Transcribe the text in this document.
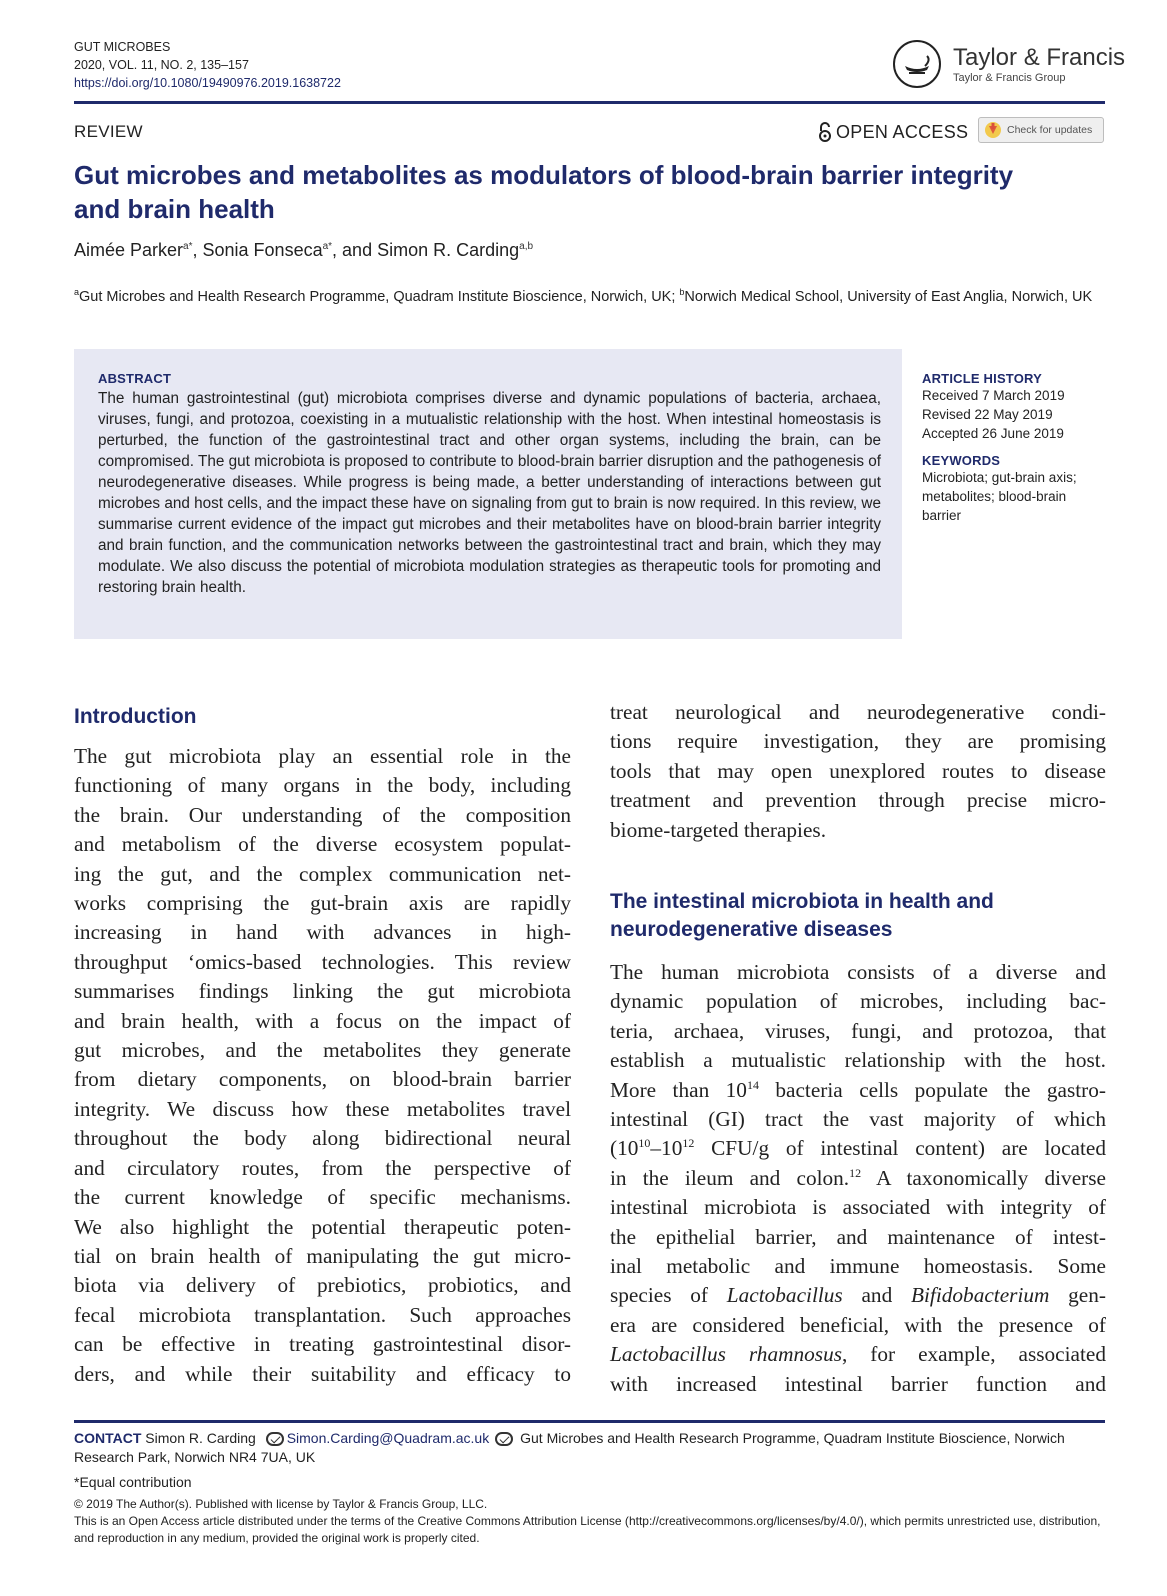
GUT MICROBES
2020, VOL. 11, NO. 2, 135–157
https://doi.org/10.1080/19490976.2019.1638722
Taylor & Francis
Taylor & Francis Group
REVIEW	OPEN ACCESS	Check for updates
Gut microbes and metabolites as modulators of blood-brain barrier integrity
and brain health
Aimée Parker$^{a*}$, Sonia Fonseca$^{a*}$, and Simon R. Carding$^{a,b}$
$^a$Gut Microbes and Health Research Programme, Quadram Institute Bioscience, Norwich, UK; $^b$Norwich Medical School, University of East Anglia, Norwich, UK
ABSTRACT
The human gastrointestinal (gut) microbiota comprises diverse and dynamic populations of bacteria, archaea, viruses, fungi, and protozoa, coexisting in a mutualistic relationship with the host. When intestinal homeostasis is perturbed, the function of the gastrointestinal tract and other organ systems, including the brain, can be compromised. The gut microbiota is proposed to contribute to blood-brain barrier disruption and the pathogenesis of neurodegenerative diseases. While progress is being made, a better understanding of interactions between gut microbes and host cells, and the impact these have on signaling from gut to brain is now required. In this review, we summarise current evidence of the impact gut microbes and their metabolites have on blood-brain barrier integrity and brain function, and the communication networks between the gastrointestinal tract and brain, which they may modulate. We also discuss the potential of microbiota modulation strategies as therapeutic tools for promoting and restoring brain health.
ARTICLE HISTORY
Received 7 March 2019
Revised 22 May 2019
Accepted 26 June 2019
KEYWORDS
Microbiota; gut-brain axis;
metabolites; blood-brain
barrier
Introduction
The gut microbiota play an essential role in the
functioning of many organs in the body, including
the brain. Our understanding of the composition
and metabolism of the diverse ecosystem populat-
ing the gut, and the complex communication net-
works comprising the gut-brain axis are rapidly
increasing in hand with advances in high-
throughput ‘omics-based technologies. This review
summarises findings linking the gut microbiota
and brain health, with a focus on the impact of
gut microbes, and the metabolites they generate
from dietary components, on blood-brain barrier
integrity. We discuss how these metabolites travel
throughout the body along bidirectional neural
and circulatory routes, from the perspective of
the current knowledge of specific mechanisms.
We also highlight the potential therapeutic poten-
tial on brain health of manipulating the gut micro-
biota via delivery of prebiotics, probiotics, and
fecal microbiota transplantation. Such approaches
can be effective in treating gastrointestinal disor-
ders, and while their suitability and efficacy to
treat neurological and neurodegenerative condi-
tions require investigation, they are promising
tools that may open unexplored routes to disease
treatment and prevention through precise micro-
biome-targeted therapies.
The intestinal microbiota in health and
neurodegenerative diseases
The human microbiota consists of a diverse and
dynamic population of microbes, including bac-
teria, archaea, viruses, fungi, and protozoa, that
establish a mutualistic relationship with the host.
More than $10^{14}$ bacteria cells populate the gastro-
intestinal (GI) tract the vast majority of which
($10^{10}-10^{12}$ CFU/g of intestinal content) are located
in the ileum and colon.$^{12}$ A taxonomically diverse
intestinal microbiota is associated with integrity of
the epithelial barrier, and maintenance of intest-
inal metabolic and immune homeostasis. Some
species of Lactobacillus and Bifidobacterium gen-
era are considered beneficial, with the presence of
Lactobacillus rhamnosus, for example, associated
with increased intestinal barrier function and
CONTACT Simon R. Carding Simon.Carding@Quadram.ac.uk Gut Microbes and Health Research Programme, Quadram Institute Bioscience, Norwich Research Park, Norwich NR4 7UA, UK
*Equal contribution
© 2019 The Author(s). Published with license by Taylor & Francis Group, LLC.
This is an Open Access article distributed under the terms of the Creative Commons Attribution License (http://creativecommons.org/licenses/by/4.0/), which permits unrestricted use, distribution, and reproduction in any medium, provided the original work is properly cited.
